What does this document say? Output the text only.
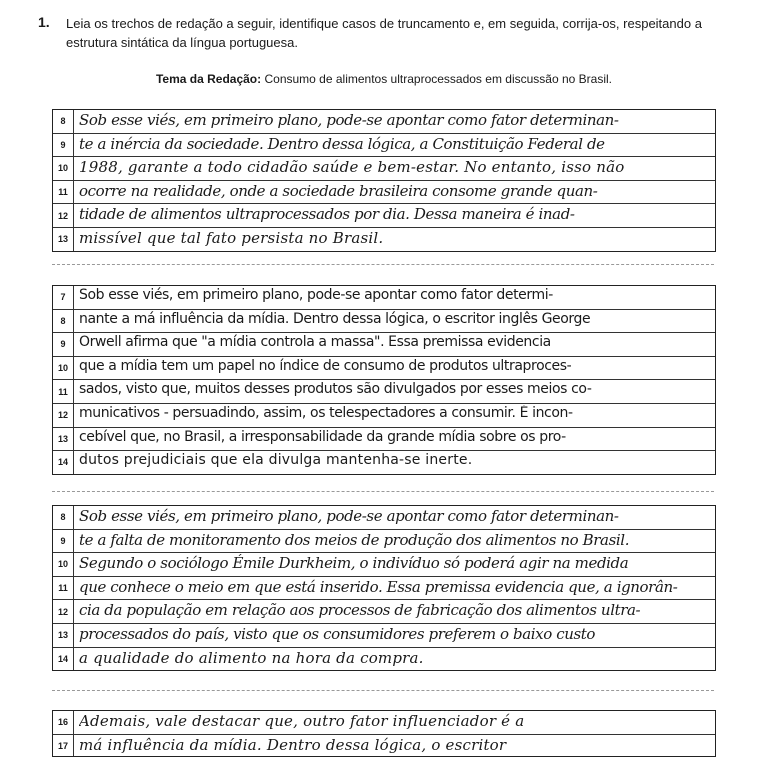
1. Leia os trechos de redação a seguir, identifique casos de truncamento e, em seguida, corrija-os, respeitando a estrutura sintática da língua portuguesa.
Tema da Redação: Consumo de alimentos ultraprocessados em discussão no Brasil.
8 Sob esse viés, em primeiro plano, pode-se apontar como fator determinan-
9 te a inércia da sociedade. Dentro dessa lógica, a Constituição Federal de
10 1988, garante a todo cidadão saúde e bem-estar. No entanto, isso não
11 ocorre na realidade, onde a sociedade brasileira consome grande quan-
12 tidade de alimentos ultraprocessados por dia. Dessa maneira é inad-
13 missível que tal fato persista no Brasil.
7 Sob esse viés, em primeiro plano, pode-se apontar como fator determi-
8 nante a má influência da mídia. Dentro dessa lógica, o escritor inglês George
9 Orwell afirma que "a mídia controla a massa". Essa premissa evidencia
10 que a mídia tem um papel no índice de consumo de produtos ultraproces-
11 sados, visto que, muitos desses produtos são divulgados por esses meios co-
12 municativos - persuadindo, assim, os telespectadores a consumir. É incon-
13 cebível que, no Brasil, a irresponsabilidade da grande mídia sobre os pro-
14 dutos prejudiciais que ela divulga mantenha-se inerte.
8 Sob esse viés, em primeiro plano, pode-se apontar como fator determinan-
9 te a falta de monitoramento dos meios de produção dos alimentos no Brasil.
10 Segundo o sociólogo Émile Durkheim, o indivíduo só poderá agir na medida
11 que conhece o meio em que está inserido. Essa premissa evidencia que, a ignorân-
12 cia da população em relação aos processos de fabricação dos alimentos ultra-
13 processados do país, visto que os consumidores preferem o baixo custo
14 a qualidade do alimento na hora da compra.
16 Ademais, vale destacar que, outro fator influenciador é a
17 má influência da mídia. Dentro dessa lógica, o escritor
